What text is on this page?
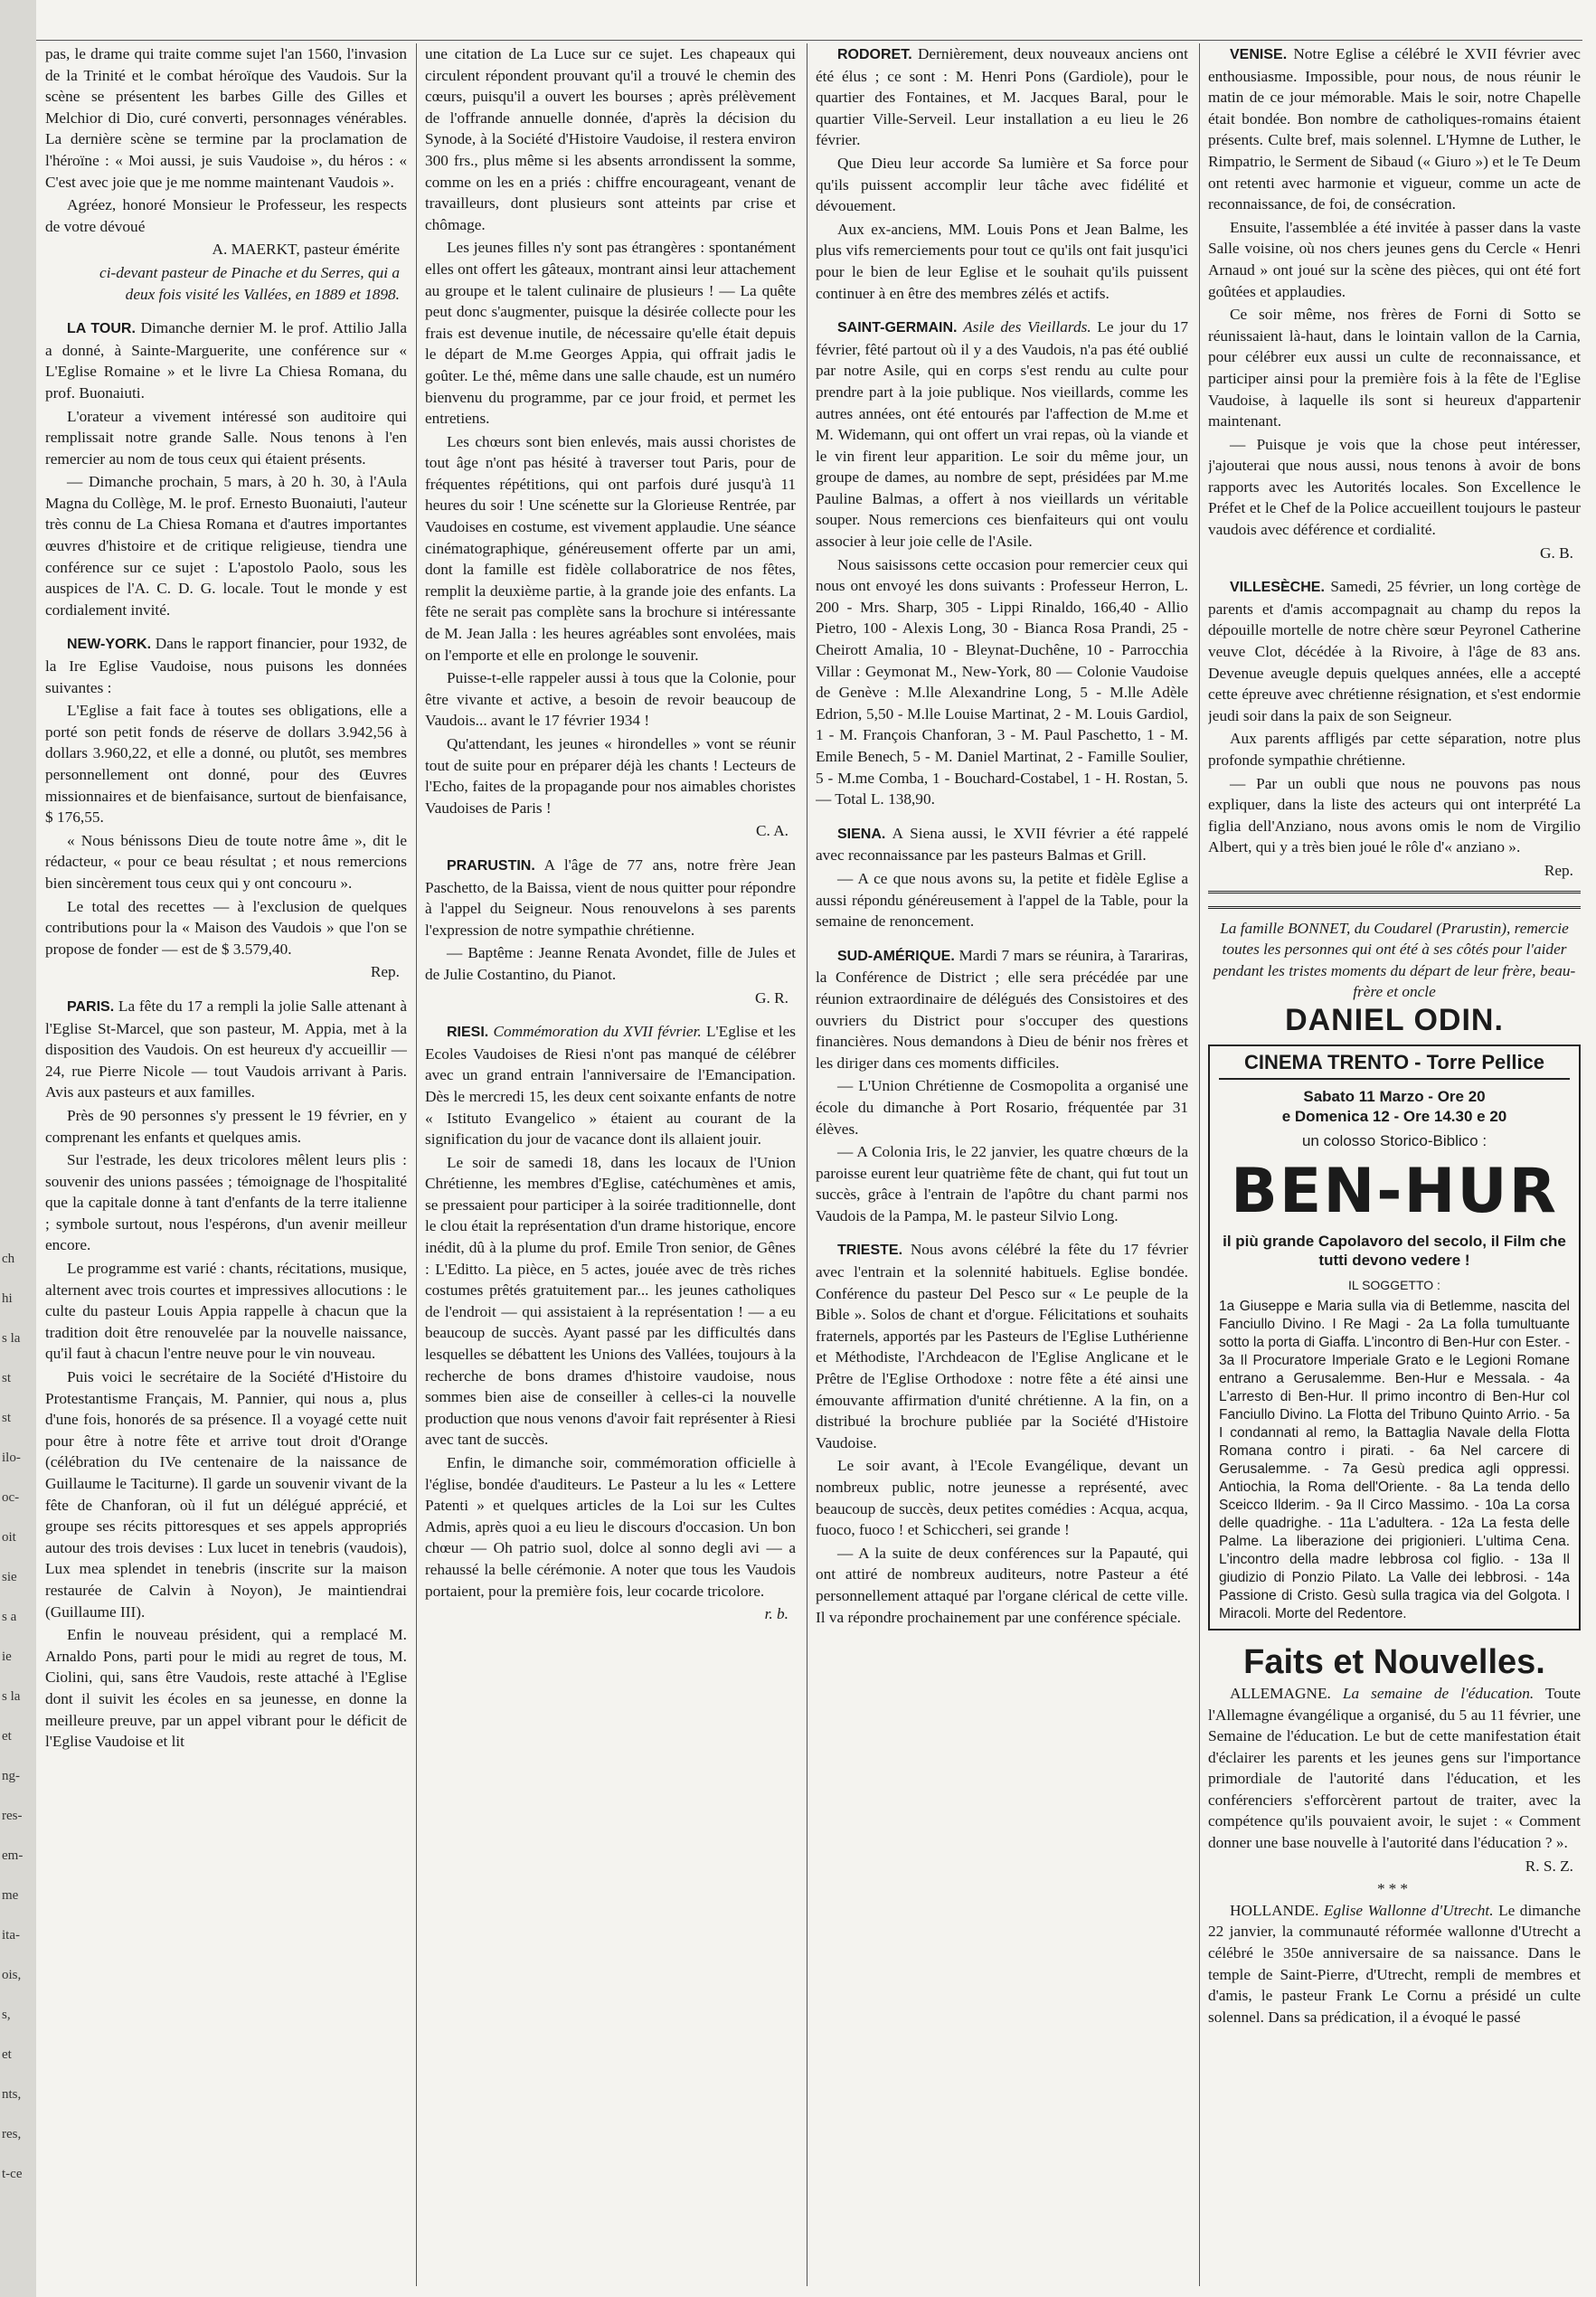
ch
hi
s la
st
st
ilo-
oc-
oit
sie
s a
ie
s la
et
ng-
res-
em-
me
ita-
ois,
s,
et
nts,
res,
t-ce

pas, le drame qui traite comme sujet l'an 1560, l'invasion de la Trinité et le combat héroïque des Vaudois. Sur la scène se présentent les barbes Gille des Gilles et Melchior di Dio, curé converti, personnages vénérables. La dernière scène se termine par la proclamation de l'héroïne : « Moi aussi, je suis Vaudoise », du héros : « C'est avec joie que je me nomme maintenant Vaudois ».

Agréez, honoré Monsieur le Professeur, les respects de votre dévoué

A. MAERKT, pasteur émérite

ci-devant pasteur de Pinache et du Serres, qui a deux fois visité les Vallées, en 1889 et 1898.

LA TOUR. Dimanche dernier M. le prof. Attilio Jalla a donné, à Sainte-Marguerite, une conférence sur « L'Eglise Romaine » et le livre La Chiesa Romana, du prof. Buonaiuti.

L'orateur a vivement intéressé son auditoire qui remplissait notre grande Salle. Nous tenons à l'en remercier au nom de tous ceux qui étaient présents.

— Dimanche prochain, 5 mars, à 20 h. 30, à l'Aula Magna du Collège, M. le prof. Ernesto Buonaiuti, l'auteur très connu de La Chiesa Romana et d'autres importantes œuvres d'histoire et de critique religieuse, tiendra une conférence sur ce sujet : L'apostolo Paolo, sous les auspices de l'A. C. D. G. locale. Tout le monde y est cordialement invité.

NEW-YORK. Dans le rapport financier, pour 1932, de la Ire Eglise Vaudoise, nous puisons les données suivantes :

L'Eglise a fait face à toutes ses obligations, elle a porté son petit fonds de réserve de dollars 3.942,56 à dollars 3.960,22, et elle a donné, ou plutôt, ses membres personnellement ont donné, pour des Œuvres missionnaires et de bienfaisance, surtout de bienfaisance, $ 176,55.

« Nous bénissons Dieu de toute notre âme », dit le rédacteur, « pour ce beau résultat ; et nous remercions bien sincèrement tous ceux qui y ont concouru ».

Le total des recettes — à l'exclusion de quelques contributions pour la « Maison des Vaudois » que l'on se propose de fonder — est de $ 3.579,40.

Rep.

PARIS. La fête du 17 a rempli la jolie Salle attenant à l'Eglise St-Marcel, que son pasteur, M. Appia, met à la disposition des Vaudois. On est heureux d'y accueillir — 24, rue Pierre Nicole — tout Vaudois arrivant à Paris. Avis aux pasteurs et aux familles.

Près de 90 personnes s'y pressent le 19 février, en y comprenant les enfants et quelques amis.

Sur l'estrade, les deux tricolores mêlent leurs plis : souvenir des unions passées ; témoignage de l'hospitalité que la capitale donne à tant d'enfants de la terre italienne ; symbole surtout, nous l'espérons, d'un avenir meilleur encore.

Le programme est varié : chants, récitations, musique, alternent avec trois courtes et impressives allocutions : le culte du pasteur Louis Appia rappelle à chacun que la tradition doit être renouvelée par la nouvelle naissance, qu'il faut à chacun l'entre neuve pour le vin nouveau.

Puis voici le secrétaire de la Société d'Histoire du Protestantisme Français, M. Pannier, qui nous a, plus d'une fois, honorés de sa présence. Il a voyagé cette nuit pour être à notre fête et arrive tout droit d'Orange (célébration du IVe centenaire de la naissance de Guillaume le Taciturne). Il garde un souvenir vivant de la fête de Chanforan, où il fut un délégué apprécié, et groupe ses récits pittoresques et ses appels appropriés autour des trois devises : Lux lucet in tenebris (vaudois), Lux mea splendet in tenebris (inscrite sur la maison restaurée de Calvin à Noyon), Je maintiendrai (Guillaume III).

Enfin le nouveau président, qui a remplacé M. Arnaldo Pons, parti pour le midi au regret de tous, M. Ciolini, qui, sans être Vaudois, reste attaché à l'Eglise dont il suivit les écoles en sa jeunesse, en donne la meilleure preuve, par un appel vibrant pour le déficit de l'Eglise Vaudoise et lit

une citation de La Luce sur ce sujet. Les chapeaux qui circulent répondent prouvant qu'il a trouvé le chemin des cœurs, puisqu'il a ouvert les bourses ; après prélèvement de l'offrande annuelle donnée, d'après la décision du Synode, à la Société d'Histoire Vaudoise, il restera environ 300 frs., plus même si les absents arrondissent la somme, comme on les en a priés : chiffre encourageant, venant de travailleurs, dont plusieurs sont atteints par crise et chômage.

Les jeunes filles n'y sont pas étrangères : spontanément elles ont offert les gâteaux, montrant ainsi leur attachement au groupe et le talent culinaire de plusieurs ! — La quête peut donc s'augmenter, puisque la désirée collecte pour les frais est devenue inutile, de nécessaire qu'elle était depuis le départ de M.me Georges Appia, qui offrait jadis le goûter. Le thé, même dans une salle chaude, est un numéro bienvenu du programme, par ce jour froid, et permet les entretiens.

Les chœurs sont bien enlevés, mais aussi choristes de tout âge n'ont pas hésité à traverser tout Paris, pour de fréquentes répétitions, qui ont parfois duré jusqu'à 11 heures du soir ! Une scénette sur la Glorieuse Rentrée, par Vaudoises en costume, est vivement applaudie. Une séance cinématographique, généreusement offerte par un ami, dont la famille est fidèle collaboratrice de nos fêtes, remplit la deuxième partie, à la grande joie des enfants. La fête ne serait pas complète sans la brochure si intéressante de M. Jean Jalla : les heures agréables sont envolées, mais on l'emporte et elle en prolonge le souvenir.

Puisse-t-elle rappeler aussi à tous que la Colonie, pour être vivante et active, a besoin de revoir beaucoup de Vaudois... avant le 17 février 1934 !

Qu'attendant, les jeunes « hirondelles » vont se réunir tout de suite pour en préparer déjà les chants ! Lecteurs de l'Echo, faites de la propagande pour nos aimables choristes Vaudoises de Paris !

C. A.

PRARUSTIN. A l'âge de 77 ans, notre frère Jean Paschetto, de la Baissa, vient de nous quitter pour répondre à l'appel du Seigneur. Nous renouvelons à ses parents l'expression de notre sympathie chrétienne.

— Baptême : Jeanne Renata Avondet, fille de Jules et de Julie Costantino, du Pianot.

G. R.

RIESI. Commémoration du XVII février. L'Eglise et les Ecoles Vaudoises de Riesi n'ont pas manqué de célébrer avec un grand entrain l'anniversaire de l'Emancipation. Dès le mercredi 15, les deux cent soixante enfants de notre « Istituto Evangelico » étaient au courant de la signification du jour de vacance dont ils allaient jouir.

Le soir de samedi 18, dans les locaux de l'Union Chrétienne, les membres d'Eglise, catéchumènes et amis, se pressaient pour participer à la soirée traditionnelle, dont le clou était la représentation d'un drame historique, encore inédit, dû à la plume du prof. Emile Tron senior, de Gênes : L'Editto. La pièce, en 5 actes, jouée avec de très riches costumes prêtés gratuitement par... les jeunes catholiques de l'endroit — qui assistaient à la représentation ! — a eu beaucoup de succès. Ayant passé par les difficultés dans lesquelles se débattent les Unions des Vallées, toujours à la recherche de bons drames d'histoire vaudoise, nous sommes bien aise de conseiller à celles-ci la nouvelle production que nous venons d'avoir fait représenter à Riesi avec tant de succès.

Enfin, le dimanche soir, commémoration officielle à l'église, bondée d'auditeurs. Le Pasteur a lu les « Lettere Patenti » et quelques articles de la Loi sur les Cultes Admis, après quoi a eu lieu le discours d'occasion. Un bon chœur — Oh patrio suol, dolce al sonno degli avi — a rehaussé la belle cérémonie. A noter que tous les Vaudois portaient, pour la première fois, leur cocarde tricolore.

r. b.

RODORET. Dernièrement, deux nouveaux anciens ont été élus ; ce sont : M. Henri Pons (Gardiole), pour le quartier des Fontaines, et M. Jacques Baral, pour le quartier Ville-Serveil. Leur installation a eu lieu le 26 février.

Que Dieu leur accorde Sa lumière et Sa force pour qu'ils puissent accomplir leur tâche avec fidélité et dévouement.

Aux ex-anciens, MM. Louis Pons et Jean Balme, les plus vifs remerciements pour tout ce qu'ils ont fait jusqu'ici pour le bien de leur Eglise et le souhait qu'ils puissent continuer à en être des membres zélés et actifs.

SAINT-GERMAIN. Asile des Vieillards. Le jour du 17 février, fêté partout où il y a des Vaudois, n'a pas été oublié par notre Asile, qui en corps s'est rendu au culte pour prendre part à la joie publique. Nos vieillards, comme les autres années, ont été entourés par l'affection de M.me et M. Widemann, qui ont offert un vrai repas, où la viande et le vin firent leur apparition. Le soir du même jour, un groupe de dames, au nombre de sept, présidées par M.me Pauline Balmas, a offert à nos vieillards un véritable souper. Nous remercions ces bienfaiteurs qui ont voulu associer à leur joie celle de l'Asile.

Nous saisissons cette occasion pour remercier ceux qui nous ont envoyé les dons suivants : Professeur Herron, L. 200 - Mrs. Sharp, 305 - Lippi Rinaldo, 166,40 - Allio Pietro, 100 - Alexis Long, 30 - Bianca Rosa Prandi, 25 - Cheirott Amalia, 10 - Bleynat-Duchêne, 10 - Parrocchia Villar : Geymonat M., New-York, 80 — Colonie Vaudoise de Genève : M.lle Alexandrine Long, 5 - M.lle Adèle Edrion, 5,50 - M.lle Louise Martinat, 2 - M. Louis Gardiol, 1 - M. François Chanforan, 3 - M. Paul Paschetto, 1 - M. Emile Benech, 5 - M. Daniel Martinat, 2 - Famille Soulier, 5 - M.me Comba, 1 - Bouchard-Costabel, 1 - H. Rostan, 5. — Total L. 138,90.

SIENA. A Siena aussi, le XVII février a été rappelé avec reconnaissance par les pasteurs Balmas et Grill.

— A ce que nous avons su, la petite et fidèle Eglise a aussi répondu généreusement à l'appel de la Table, pour la semaine de renoncement.

SUD-AMÉRIQUE. Mardi 7 mars se réunira, à Tarariras, la Conférence de District ; elle sera précédée par une réunion extraordinaire de délégués des Consistoires et des ouvriers du District pour s'occuper des questions financières. Nous demandons à Dieu de bénir nos frères et les diriger dans ces moments difficiles.

— L'Union Chrétienne de Cosmopolita a organisé une école du dimanche à Port Rosario, fréquentée par 31 élèves.

— A Colonia Iris, le 22 janvier, les quatre chœurs de la paroisse eurent leur quatrième fête de chant, qui fut tout un succès, grâce à l'entrain de l'apôtre du chant parmi nos Vaudois de la Pampa, M. le pasteur Silvio Long.

TRIESTE. Nous avons célébré la fête du 17 février avec l'entrain et la solennité habituels. Eglise bondée. Conférence du pasteur Del Pesco sur « Le peuple de la Bible ». Solos de chant et d'orgue. Félicitations et souhaits fraternels, apportés par les Pasteurs de l'Eglise Luthérienne et Méthodiste, l'Archdeacon de l'Eglise Anglicane et le Prêtre de l'Eglise Orthodoxe : notre fête a été ainsi une émouvante affirmation d'unité chrétienne. A la fin, on a distribué la brochure publiée par la Société d'Histoire Vaudoise.

Le soir avant, à l'Ecole Evangélique, devant un nombreux public, notre jeunesse a représenté, avec beaucoup de succès, deux petites comédies : Acqua, acqua, fuoco, fuoco ! et Schiccheri, sei grande !

— A la suite de deux conférences sur la Papauté, qui ont attiré de nombreux auditeurs, notre Pasteur a été personnellement attaqué par l'organe clérical de cette ville. Il va répondre prochainement par une conférence spéciale.

VENISE. Notre Eglise a célébré le XVII février avec enthousiasme. Impossible, pour nous, de nous réunir le matin de ce jour mémorable. Mais le soir, notre Chapelle était bondée. Bon nombre de catholiques-romains étaient présents. Culte bref, mais solennel. L'Hymne de Luther, le Rimpatrio, le Serment de Sibaud (« Giuro ») et le Te Deum ont retenti avec harmonie et vigueur, comme un acte de reconnaissance, de foi, de consécration.

Ensuite, l'assemblée a été invitée à passer dans la vaste Salle voisine, où nos chers jeunes gens du Cercle « Henri Arnaud » ont joué sur la scène des pièces, qui ont été fort goûtées et applaudies.

Ce soir même, nos frères de Forni di Sotto se réunissaient là-haut, dans le lointain vallon de la Carnia, pour célébrer eux aussi un culte de reconnaissance, et participer ainsi pour la première fois à la fête de l'Eglise Vaudoise, à laquelle ils sont si heureux d'appartenir maintenant.

— Puisque je vois que la chose peut intéresser, j'ajouterai que nous aussi, nous tenons à avoir de bons rapports avec les Autorités locales. Son Excellence le Préfet et le Chef de la Police accueillent toujours le pasteur vaudois avec déférence et cordialité.

G. B.

VILLESÈCHE. Samedi, 25 février, un long cortège de parents et d'amis accompagnait au champ du repos la dépouille mortelle de notre chère sœur Peyronel Catherine veuve Clot, décédée à la Rivoire, à l'âge de 83 ans. Devenue aveugle depuis quelques années, elle a accepté cette épreuve avec chrétienne résignation, et s'est endormie jeudi soir dans la paix de son Seigneur.

Aux parents affligés par cette séparation, notre plus profonde sympathie chrétienne.

— Par un oubli que nous ne pouvons pas nous expliquer, dans la liste des acteurs qui ont interprété La figlia dell'Anziano, nous avons omis le nom de Virgilio Albert, qui y a très bien joué le rôle d'« anziano ».

Rep.

La famille BONNET, du Coudarel (Prarustin), remercie toutes les personnes qui ont été à ses côtés pour l'aider pendant les tristes moments du départ de leur frère, beau-frère et oncle

DANIEL ODIN.
CINEMA TRENTO - Torre Pellice
Sabato 11 Marzo - Ore 20
e Domenica 12 - Ore 14.30 e 20
un colosso Storico-Biblico :
BEN-HUR
il più grande Capolavoro del secolo, il Film che tutti devono vedere !
IL SOGGETTO :
1a Giuseppe e Maria sulla via di Betlemme, nascita del Fanciullo Divino. I Re Magi - 2a La folla tumultuante sotto la porta di Giaffa. L'incontro di Ben-Hur con Ester. - 3a Il Procuratore Imperiale Grato e le Legioni Romane entrano a Gerusalemme. Ben-Hur e Messala. - 4a L'arresto di Ben-Hur. Il primo incontro di Ben-Hur col Fanciullo Divino. La Flotta del Tribuno Quinto Arrio. - 5a I condannati al remo, la Battaglia Navale della Flotta Romana contro i pirati. - 6a Nel carcere di Gerusalemme. - 7a Gesù predica agli oppressi. Antiochia, la Roma dell'Oriente. - 8a La tenda dello Sceicco Ilderim. - 9a Il Circo Massimo. - 10a La corsa delle quadrighe. - 11a L'adultera. - 12a La festa delle Palme. La liberazione dei prigionieri. L'ultima Cena. L'incontro della madre lebbrosa col figlio. - 13a Il giudizio di Ponzio Pilato. La Valle dei lebbrosi. - 14a Passione di Cristo. Gesù sulla tragica via del Golgota. I Miracoli. Morte del Redentore.
Faits et Nouvelles.

ALLEMAGNE. La semaine de l'éducation. Toute l'Allemagne évangélique a organisé, du 5 au 11 février, une Semaine de l'éducation. Le but de cette manifestation était d'éclairer les parents et les jeunes gens sur l'importance primordiale de l'autorité dans l'éducation, et les conférenciers s'efforcèrent partout de traiter, avec la compétence qu'ils pouvaient avoir, le sujet : « Comment donner une base nouvelle à l'autorité dans l'éducation ? ».

R. S. Z.

***

HOLLANDE. Eglise Wallonne d'Utrecht. Le dimanche 22 janvier, la communauté réformée wallonne d'Utrecht a célébré le 350e anniversaire de sa naissance. Dans le temple de Saint-Pierre, d'Utrecht, rempli de membres et d'amis, le pasteur Frank Le Cornu a présidé un culte solennel. Dans sa prédication, il a évoqué le passé
